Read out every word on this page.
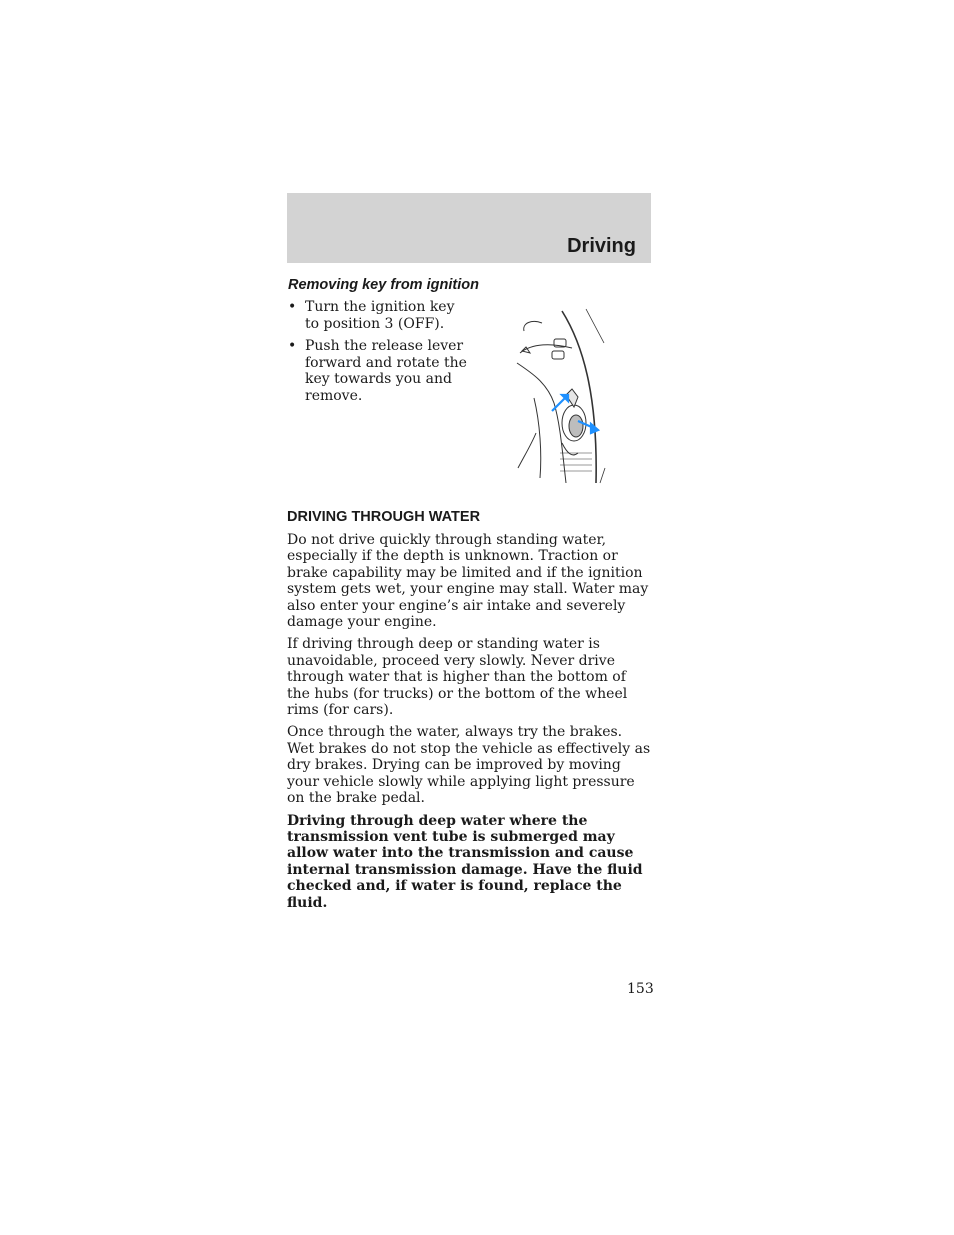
Driving
Removing key from ignition
• Turn the ignition key to position 3 (OFF).
• Push the release lever forward and rotate the key towards you and remove.
DRIVING THROUGH WATER

Do not drive quickly through standing water, especially if the depth is unknown. Traction or brake capability may be limited and if the ignition system gets wet, your engine may stall. Water may also enter your engine’s air intake and severely damage your engine.

If driving through deep or standing water is unavoidable, proceed very slowly. Never drive through water that is higher than the bottom of the hubs (for trucks) or the bottom of the wheel rims (for cars).

Once through the water, always try the brakes. Wet brakes do not stop the vehicle as effectively as dry brakes. Drying can be improved by moving your vehicle slowly while applying light pressure on the brake pedal.

Driving through deep water where the transmission vent tube is submerged may allow water into the transmission and cause internal transmission damage. Have the fluid checked and, if water is found, replace the fluid.

153
